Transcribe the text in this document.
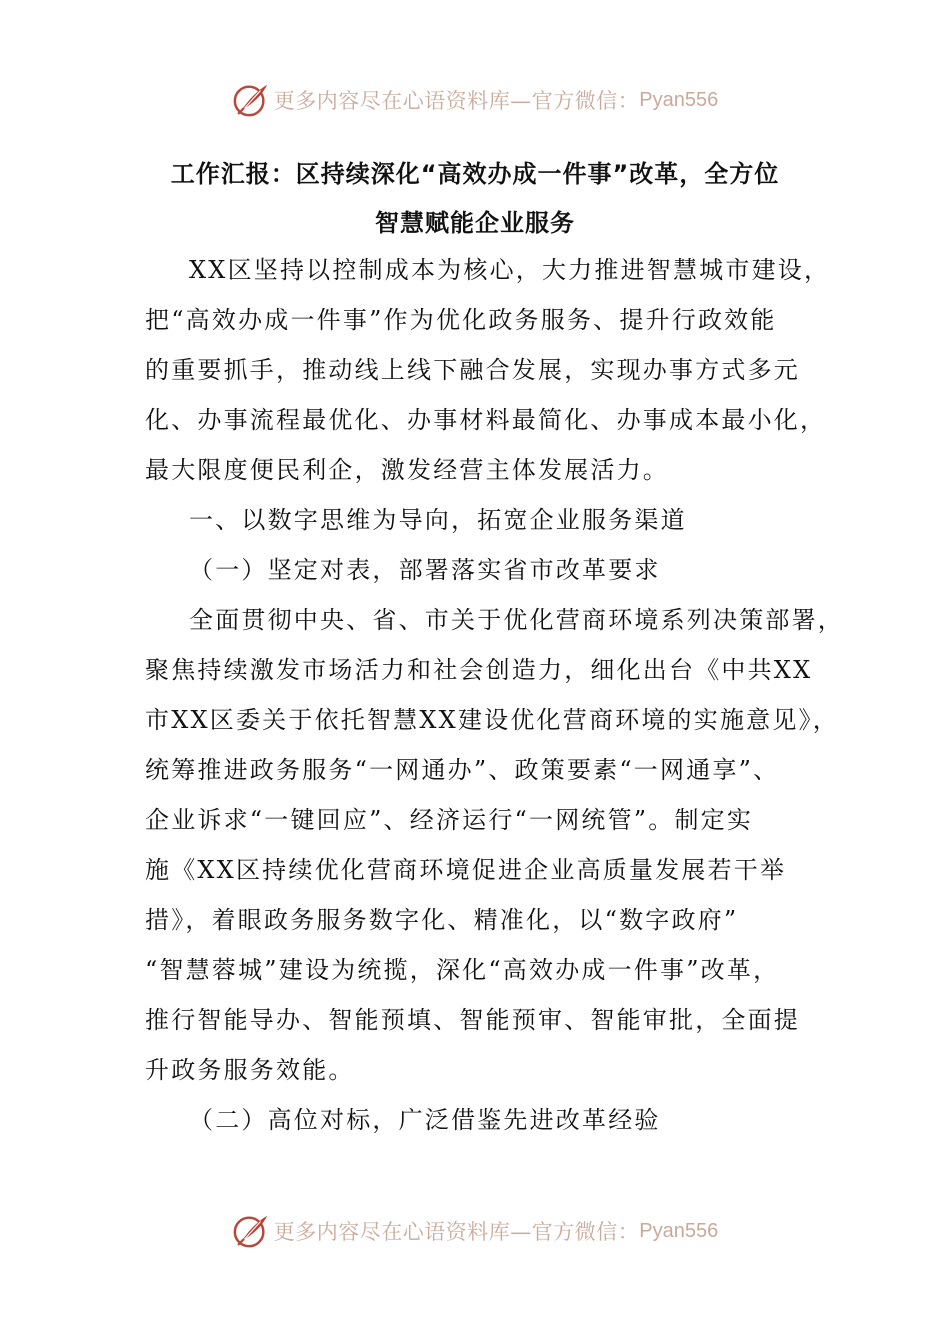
更多内容尽在心语资料库—官方微信： Pyan556
工作汇报：区持续深化“高效办成一件事”改革，全方位
智慧赋能企业服务
XX区坚持以控制成本为核心，大力推进智慧城市建设，
把“高效办成一件事”作为优化政务服务、提升行政效能
的重要抓手，推动线上线下融合发展，实现办事方式多元
化、办事流程最优化、办事材料最简化、办事成本最小化，
最大限度便民利企，激发经营主体发展活力。
一、以数字思维为导向，拓宽企业服务渠道
（一）坚定对表，部署落实省市改革要求
全面贯彻中央、省、市关于优化营商环境系列决策部署，
聚焦持续激发市场活力和社会创造力，细化出台《中共XX
市XX区委关于依托智慧XX建设优化营商环境的实施意见》，
统筹推进政务服务“一网通办”、政策要素“一网通享”、
企业诉求“一键回应”、经济运行“一网统管”。制定实
施《XX区持续优化营商环境促进企业高质量发展若干举
措》，着眼政务服务数字化、精准化，以“数字政府”
“智慧蓉城”建设为统揽，深化“高效办成一件事”改革，
推行智能导办、智能预填、智能预审、智能审批，全面提
升政务服务效能。
（二）高位对标，广泛借鉴先进改革经验
更多内容尽在心语资料库—官方微信： Pyan556
